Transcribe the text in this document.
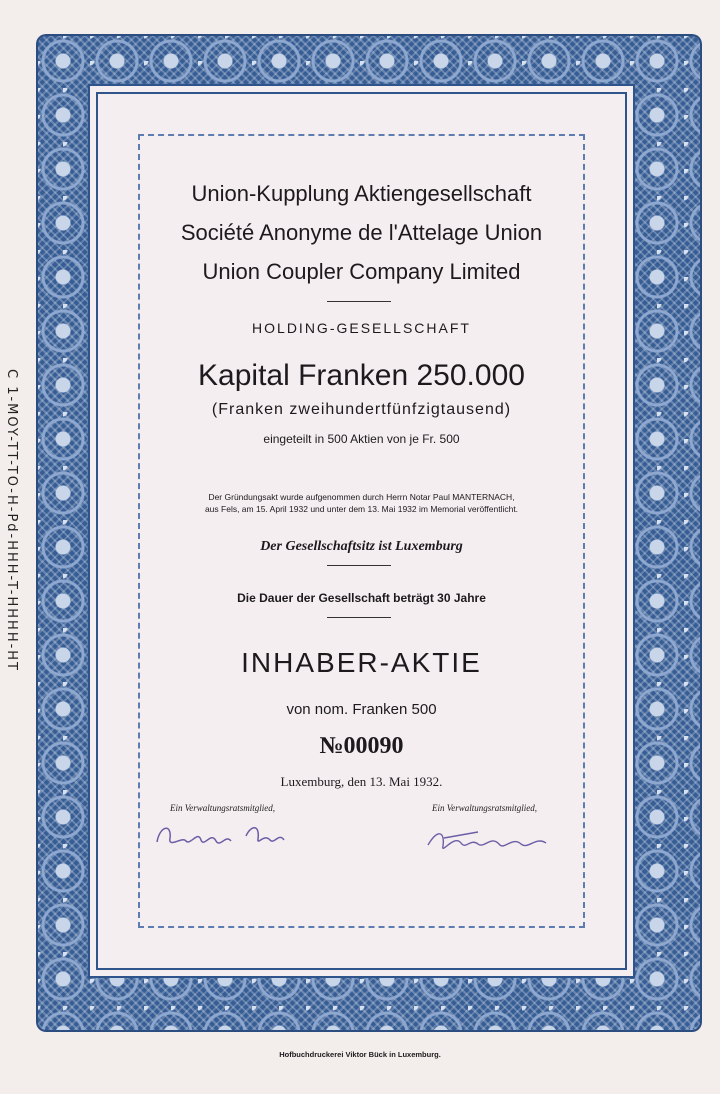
C 1-MOY-TT-TO-H-Pd-HHH-T-HHHH-HT

Union-Kupplung Aktiengesellschaft

Société Anonyme de l'Attelage Union

Union Coupler Company Limited

HOLDING-GESELLSCHAFT
Kapital Franken 250.000
(Franken zweihundertfünfzigtausend)
eingeteilt in 500 Aktien von je Fr. 500
Der Gründungsakt wurde aufgenommen durch Herrn Notar Paul MANTERNACH,
aus Fels, am 15. April 1932 und unter dem 13. Mai 1932 im Memorial veröffentlicht.
Der Gesellschaftsitz ist Luxemburg
Die Dauer der Gesellschaft beträgt 30 Jahre
INHABER-AKTIE
von nom. Franken 500
№00090
Luxemburg, den 13. Mai 1932.
Ein Verwaltungsratsmitglied,	Ein Verwaltungsratsmitglied,
Hofbuchdruckerei Viktor Bück in Luxemburg.
